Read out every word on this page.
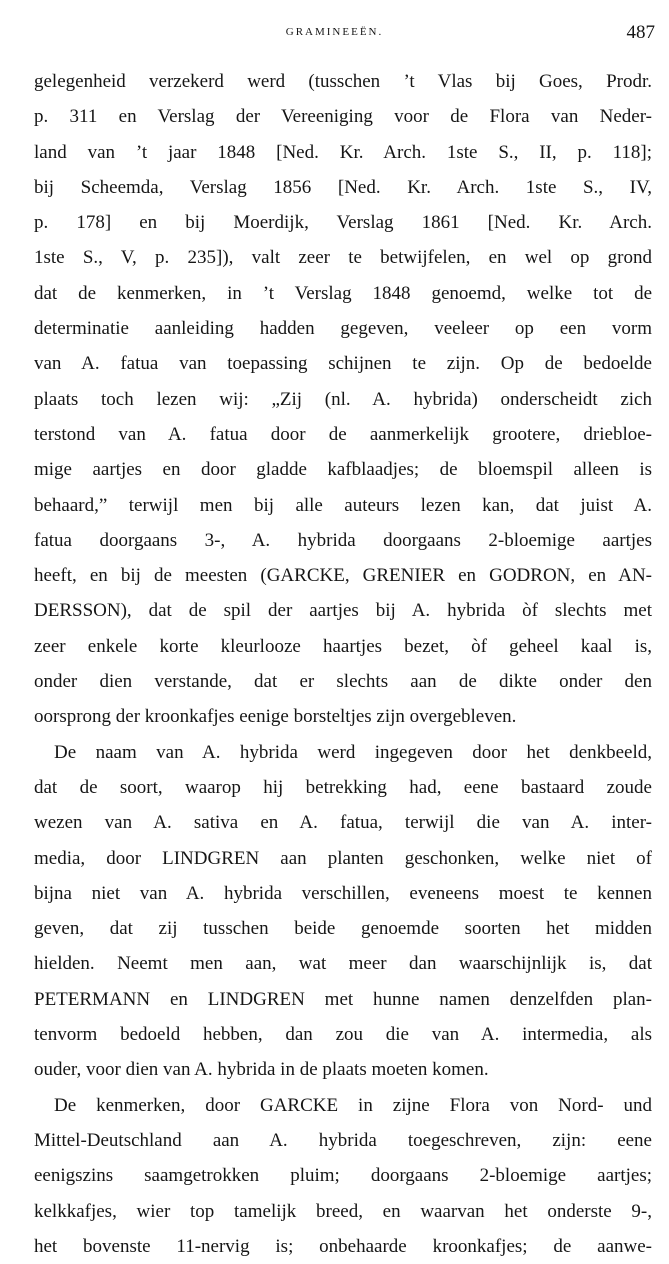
GRAMINEEËN.	487
gelegenheid verzekerd werd (tusschen ’t Vlas bij Goes, Prodr.
p. 311 en Verslag der Vereeniging voor de Flora van Neder-
land van ’t jaar 1848 [Ned. Kr. Arch. 1ste S., II, p. 118];
bij Scheemda, Verslag 1856 [Ned. Kr. Arch. 1ste S., IV,
p. 178] en bij Moerdijk, Verslag 1861 [Ned. Kr. Arch.
1ste S., V, p. 235]), valt zeer te betwijfelen, en wel op grond
dat de kenmerken, in ’t Verslag 1848 genoemd, welke tot de
determinatie aanleiding hadden gegeven, veeleer op een vorm
van A. fatua van toepassing schijnen te zijn. Op de bedoelde
plaats toch lezen wij: „Zij (nl. A. hybrida) onderscheidt zich
terstond van A. fatua door de aanmerkelijk grootere, driebloe-
mige aartjes en door gladde kafblaadjes; de bloemspil alleen is
behaard,” terwijl men bij alle auteurs lezen kan, dat juist A.
fatua doorgaans 3-, A. hybrida doorgaans 2-bloemige aartjes
heeft, en bij de meesten (GARCKE, GRENIER en GODRON, en AN-
DERSSON), dat de spil der aartjes bij A. hybrida òf slechts met
zeer enkele korte kleurlooze haartjes bezet, òf geheel kaal is,
onder dien verstande, dat er slechts aan de dikte onder den
oorsprong der kroonkafjes eenige borsteltjes zijn overgebleven.
De naam van A. hybrida werd ingegeven door het denkbeeld,
dat de soort, waarop hij betrekking had, eene bastaard zoude
wezen van A. sativa en A. fatua, terwijl die van A. inter-
media, door LINDGREN aan planten geschonken, welke niet of
bijna niet van A. hybrida verschillen, eveneens moest te kennen
geven, dat zij tusschen beide genoemde soorten het midden
hielden. Neemt men aan, wat meer dan waarschijnlijk is, dat
PETERMANN en LINDGREN met hunne namen denzelfden plan-
tenvorm bedoeld hebben, dan zou die van A. intermedia, als
ouder, voor dien van A. hybrida in de plaats moeten komen.
De kenmerken, door GARCKE in zijne Flora von Nord- und
Mittel-Deutschland aan A. hybrida toegeschreven, zijn: eene
eenigszins saamgetrokken pluim; doorgaans 2-bloemige aartjes;
kelkkafjes, wier top tamelijk breed, en waarvan het onderste 9-,
het bovenste 11-nervig is; onbehaarde kroonkafjes; de aanwe-
